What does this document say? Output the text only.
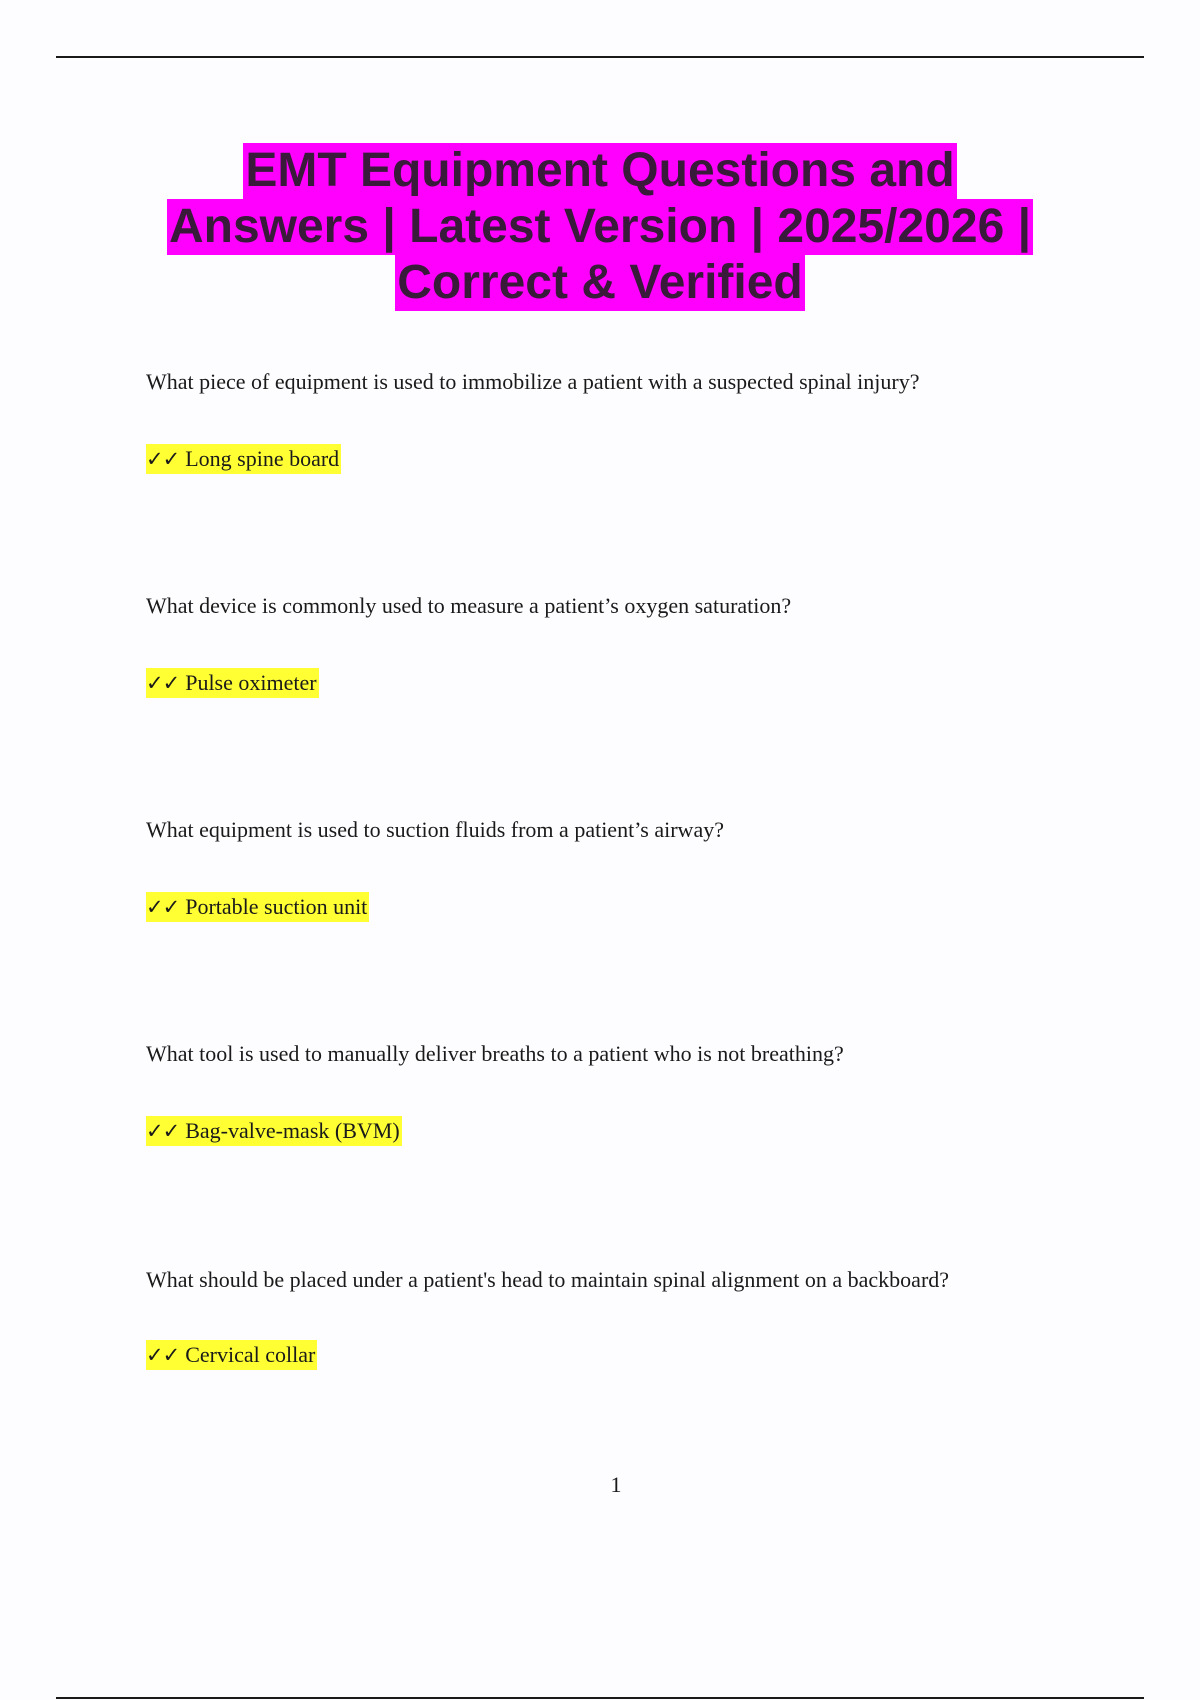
EMT Equipment Questions and
Answers | Latest Version | 2025/2026 |
Correct & Verified

What piece of equipment is used to immobilize a patient with a suspected spinal injury?

✓✓ Long spine board

What device is commonly used to measure a patient’s oxygen saturation?

✓✓ Pulse oximeter

What equipment is used to suction fluids from a patient’s airway?

✓✓ Portable suction unit

What tool is used to manually deliver breaths to a patient who is not breathing?

✓✓ Bag-valve-mask (BVM)

What should be placed under a patient's head to maintain spinal alignment on a backboard?

✓✓ Cervical collar
1
